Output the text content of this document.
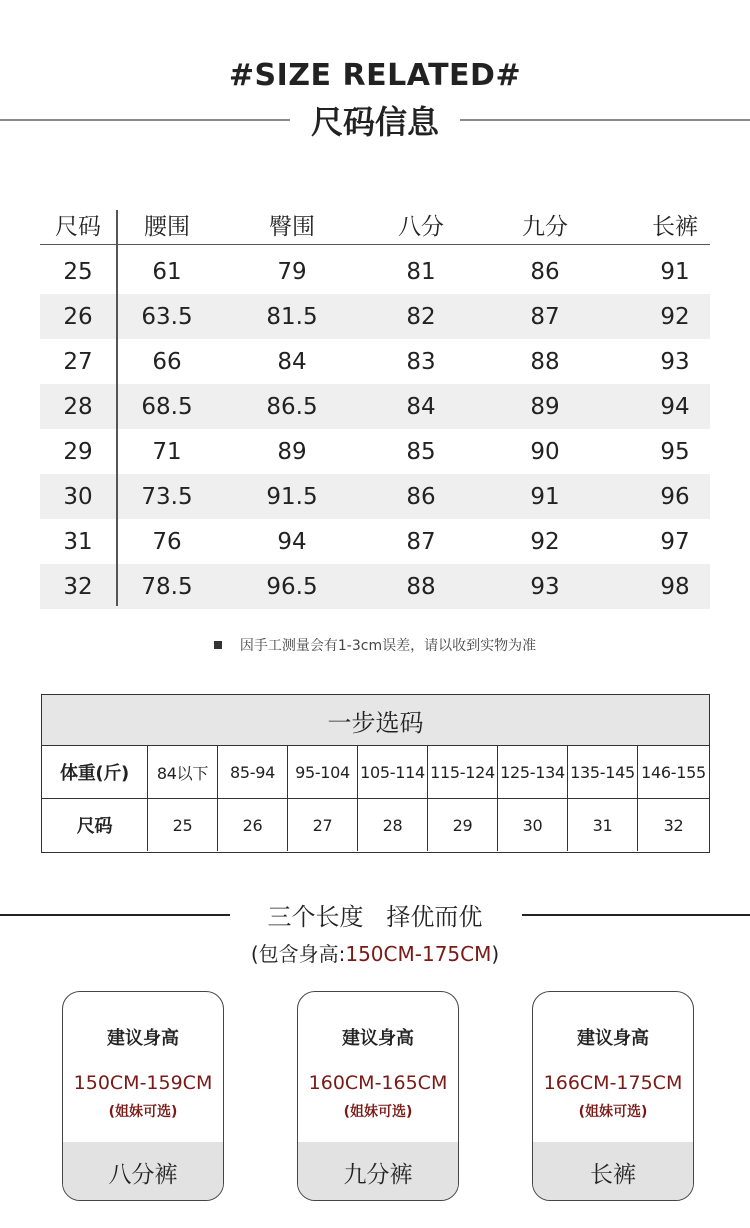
#SIZE RELATED#
尺码信息
尺码	腰围	臀围	八分	九分	长裤
25	61	79	81	86	91
26	63.5	81.5	82	87	92
27	66	84	83	88	93
28	68.5	86.5	84	89	94
29	71	89	85	90	95
30	73.5	91.5	86	91	96
31	76	94	87	92	97
32	78.5	96.5	88	93	98
因手工测量会有1-3cm误差，请以收到实物为准
一步选码
体重(斤)	84以下	85-94	95-104 105-114 115-124 125-134 135-145 146-155
尺码	25	26	27	28	29	30	31	32
三个长度   择优而优
(包含身高:150CM-175CM)
建议身高
150CM-159CM
(姐妹可选)
八分裤
建议身高
160CM-165CM
(姐妹可选)
九分裤
建议身高
166CM-175CM
(姐妹可选)
长裤
